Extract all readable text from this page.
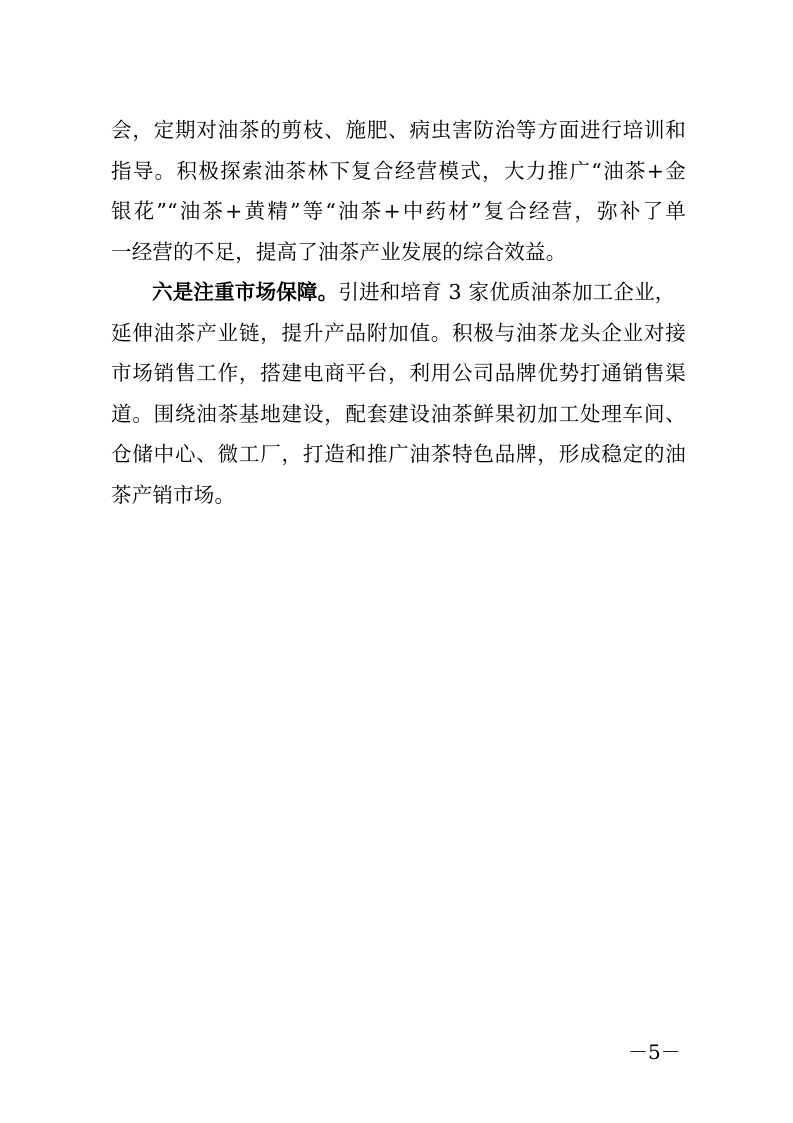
会，定期对油茶的剪枝、施肥、病虫害防治等方面进行培训和
指导。积极探索油茶林下复合经营模式，大力推广“油茶+金
银花”“油茶+黄精”等“油茶+中药材”复合经营，弥补了单
一经营的不足，提高了油茶产业发展的综合效益。
六是注重市场保障。引进和培育 3 家优质油茶加工企业，
延伸油茶产业链，提升产品附加值。积极与油茶龙头企业对接
市场销售工作，搭建电商平台，利用公司品牌优势打通销售渠
道。围绕油茶基地建设，配套建设油茶鲜果初加工处理车间、
仓储中心、微工厂，打造和推广油茶特色品牌，形成稳定的油
茶产销市场。
－5－
